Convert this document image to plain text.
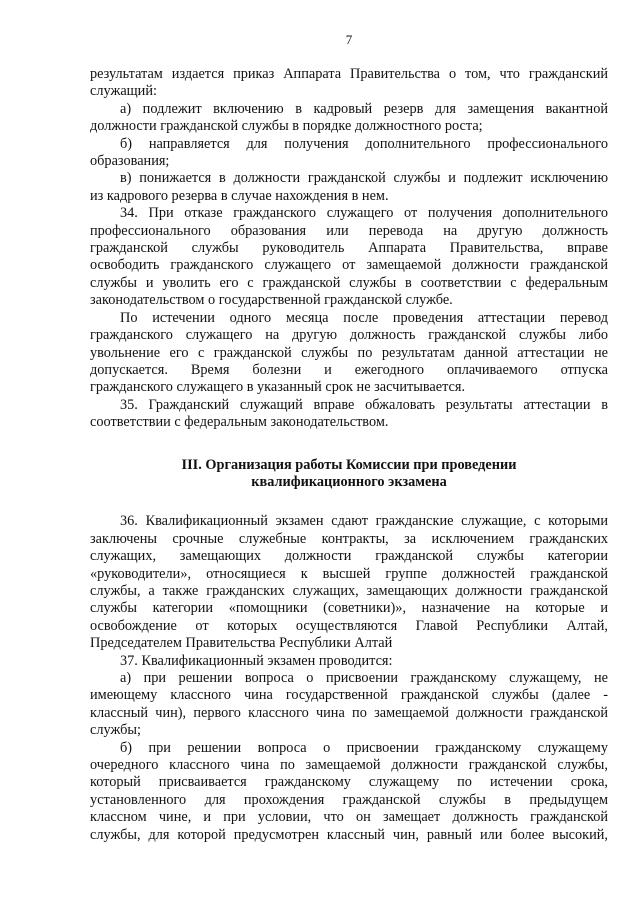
7

результатам издается приказ Аппарата Правительства о том, что гражданский

служащий:

а) подлежит включению в кадровый резерв для замещения вакантной

должности гражданской службы в порядке должностного роста;

б) направляется для получения дополнительного профессионального

образования;

в) понижается в должности гражданской службы и подлежит исключению

из кадрового резерва в случае нахождения в нем.

34. При отказе гражданского служащего от получения дополнительного

профессионального образования или перевода на другую должность

гражданской службы руководитель Аппарата Правительства, вправе

освободить гражданского служащего от замещаемой должности гражданской

службы и уволить его с гражданской службы в соответствии с федеральным

законодательством о государственной гражданской службе.

По истечении одного месяца после проведения аттестации перевод

гражданского служащего на другую должность гражданской службы либо

увольнение его с гражданской службы по результатам данной аттестации не

допускается. Время болезни и ежегодного оплачиваемого отпуска

гражданского служащего в указанный срок не засчитывается.

35. Гражданский служащий вправе обжаловать результаты аттестации в

соответствии с федеральным законодательством.

III. Организация работы Комиссии при проведении
квалификационного экзамена

36. Квалификационный экзамен сдают гражданские служащие, с которыми

заключены срочные служебные контракты, за исключением гражданских

служащих, замещающих должности гражданской службы категории

«руководители», относящиеся к высшей группе должностей гражданской

службы, а также гражданских служащих, замещающих должности гражданской

службы категории «помощники (советники)», назначение на которые и

освобождение от которых осуществляются Главой Республики Алтай,

Председателем Правительства Республики Алтай

37. Квалификационный экзамен проводится:

а) при решении вопроса о присвоении гражданскому служащему, не

имеющему классного чина государственной гражданской службы (далее -

классный чин), первого классного чина по замещаемой должности гражданской

службы;

б) при решении вопроса о присвоении гражданскому служащему

очередного классного чина по замещаемой должности гражданской службы,

который присваивается гражданскому служащему по истечении срока,

установленного для прохождения гражданской службы в предыдущем

классном чине, и при условии, что он замещает должность гражданской

службы, для которой предусмотрен классный чин, равный или более высокий,
